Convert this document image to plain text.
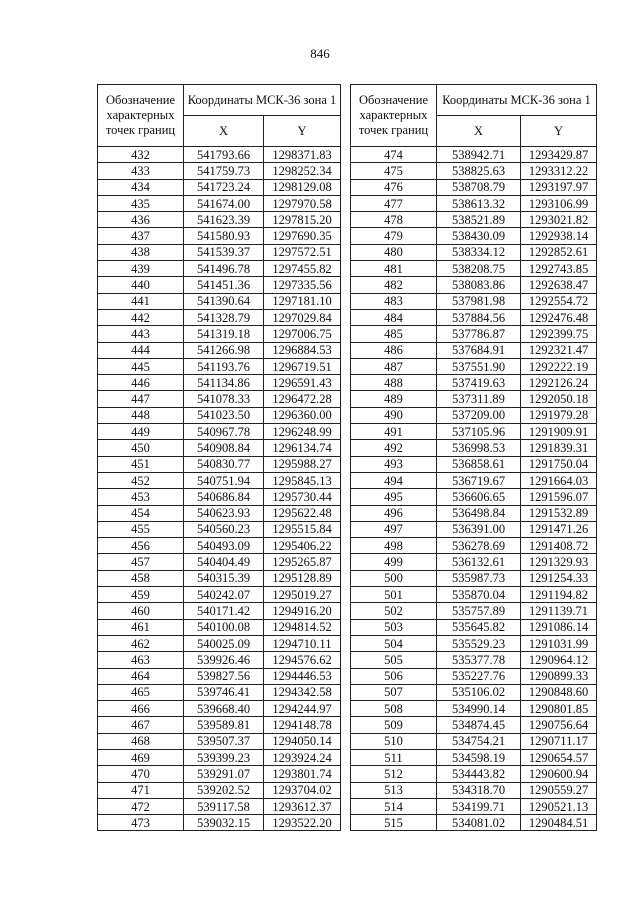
846
Обозначение характерных точек границ	Координаты МСК-36 зона 1	
	X	Y
432	541793.66	1298371.83
433	541759.73	1298252.34
434	541723.24	1298129.08
435	541674.00	1297970.58
436	541623.39	1297815.20
437	541580.93	1297690.35
438	541539.37	1297572.51
439	541496.78	1297455.82
440	541451.36	1297335.56
441	541390.64	1297181.10
442	541328.79	1297029.84
443	541319.18	1297006.75
444	541266.98	1296884.53
445	541193.76	1296719.51
446	541134.86	1296591.43
447	541078.33	1296472.28
448	541023.50	1296360.00
449	540967.78	1296248.99
450	540908.84	1296134.74
451	540830.77	1295988.27
452	540751.94	1295845.13
453	540686.84	1295730.44
454	540623.93	1295622.48
455	540560.23	1295515.84
456	540493.09	1295406.22
457	540404.49	1295265.87
458	540315.39	1295128.89
459	540242.07	1295019.27
460	540171.42	1294916.20
461	540100.08	1294814.52
462	540025.09	1294710.11
463	539926.46	1294576.62
464	539827.56	1294446.53
465	539746.41	1294342.58
466	539668.40	1294244.97
467	539589.81	1294148.78
468	539507.37	1294050.14
469	539399.23	1293924.24
470	539291.07	1293801.74
471	539202.52	1293704.02
472	539117.58	1293612.37
473	539032.15	1293522.20
Обозначение характерных точек границ	Координаты МСК-36 зона 1	
	X	Y
474	538942.71	1293429.87
475	538825.63	1293312.22
476	538708.79	1293197.97
477	538613.32	1293106.99
478	538521.89	1293021.82
479	538430.09	1292938.14
480	538334.12	1292852.61
481	538208.75	1292743.85
482	538083.86	1292638.47
483	537981.98	1292554.72
484	537884.56	1292476.48
485	537786.87	1292399.75
486	537684.91	1292321.47
487	537551.90	1292222.19
488	537419.63	1292126.24
489	537311.89	1292050.18
490	537209.00	1291979.28
491	537105.96	1291909.91
492	536998.53	1291839.31
493	536858.61	1291750.04
494	536719.67	1291664.03
495	536606.65	1291596.07
496	536498.84	1291532.89
497	536391.00	1291471.26
498	536278.69	1291408.72
499	536132.61	1291329.93
500	535987.73	1291254.33
501	535870.04	1291194.82
502	535757.89	1291139.71
503	535645.82	1291086.14
504	535529.23	1291031.99
505	535377.78	1290964.12
506	535227.76	1290899.33
507	535106.02	1290848.60
508	534990.14	1290801.85
509	534874.45	1290756.64
510	534754.21	1290711.17
511	534598.19	1290654.57
512	534443.82	1290600.94
513	534318.70	1290559.27
514	534199.71	1290521.13
515	534081.02	1290484.51
